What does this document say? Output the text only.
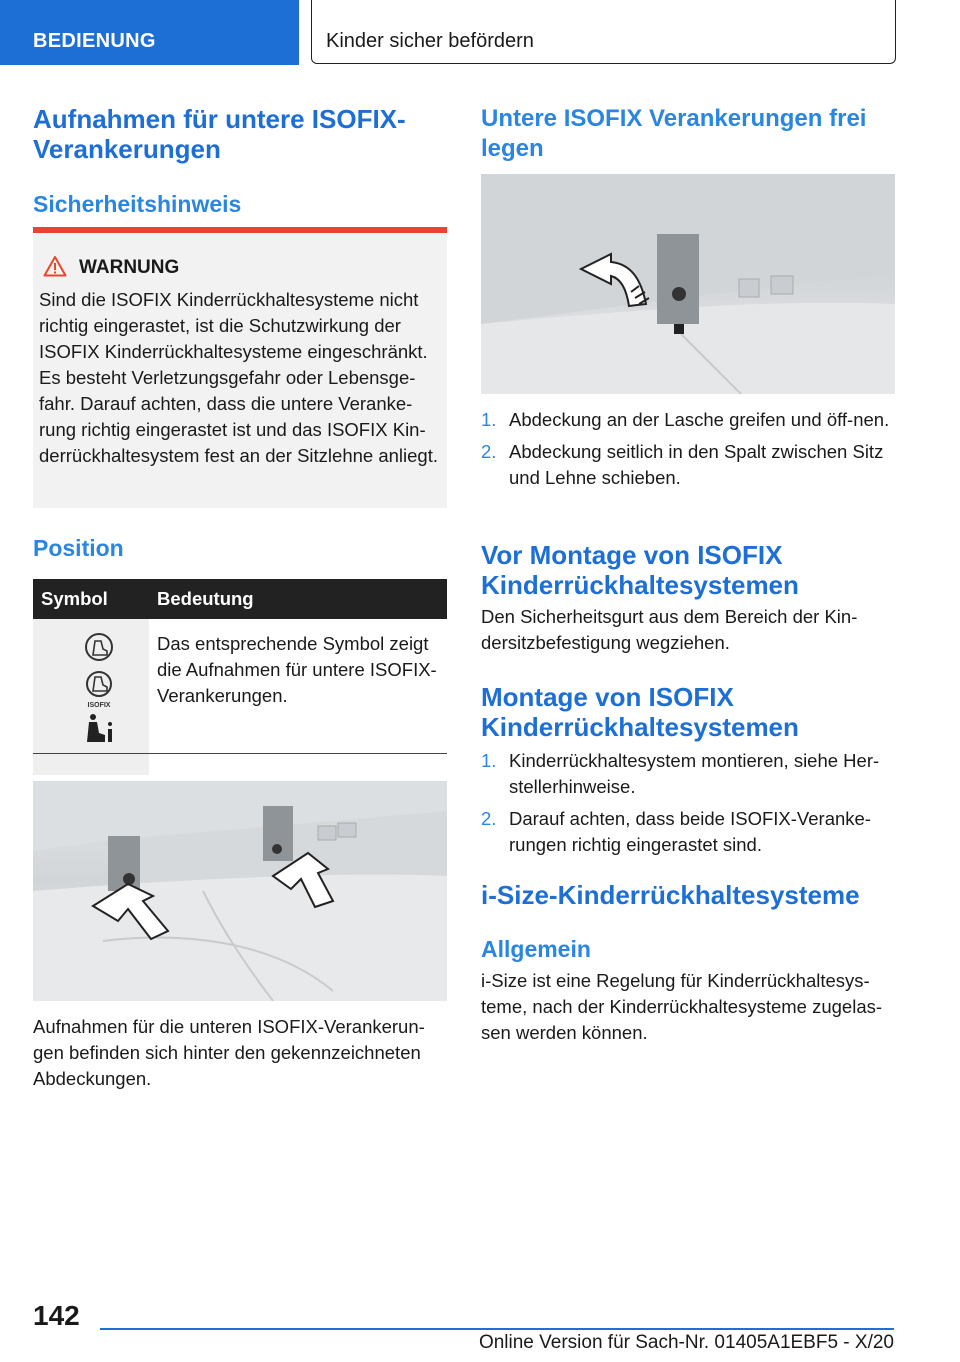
BEDIENUNG	Kinder sicher befördern
Aufnahmen für untere ISOFIX-Verankerungen
Sicherheitshinweis
WARNUNG
Sind die ISOFIX Kinderrückhaltesysteme nicht richtig eingerastet, ist die Schutzwirkung der ISOFIX Kinderrückhaltesysteme eingeschränkt. Es besteht Verletzungsgefahr oder Lebensge-fahr. Darauf achten, dass die untere Veranke-rung richtig eingerastet ist und das ISOFIX Kin-derrückhaltesystem fest an der Sitzlehne anliegt.
Position
Symbol	Bedeutung

ISOFIX	Das entsprechende Symbol zeigt die Aufnahmen für untere ISOFIX-Verankerungen.

Aufnahmen für die unteren ISOFIX-Verankerun-gen befinden sich hinter den gekennzeichneten Abdeckungen.

Untere ISOFIX Verankerungen frei legen
1. Abdeckung an der Lasche greifen und öff-nen.
2. Abdeckung seitlich in den Spalt zwischen Sitz und Lehne schieben.
Vor Montage von ISOFIX Kinderrückhaltesystemen

Den Sicherheitsgurt aus dem Bereich der Kin-dersitzbefestigung wegziehen.

Montage von ISOFIX Kinderrückhaltesystemen
1. Kinderrückhaltesystem montieren, siehe Her-stellerhinweise.
2. Darauf achten, dass beide ISOFIX-Veranke-rungen richtig eingerastet sind.
i-Size-Kinderrückhaltesysteme
Allgemein

i-Size ist eine Regelung für Kinderrückhaltesys-teme, nach der Kinderrückhaltesysteme zugelas-sen werden können.

142
Online Version für Sach-Nr. 01405A1EBF5 - X/20
